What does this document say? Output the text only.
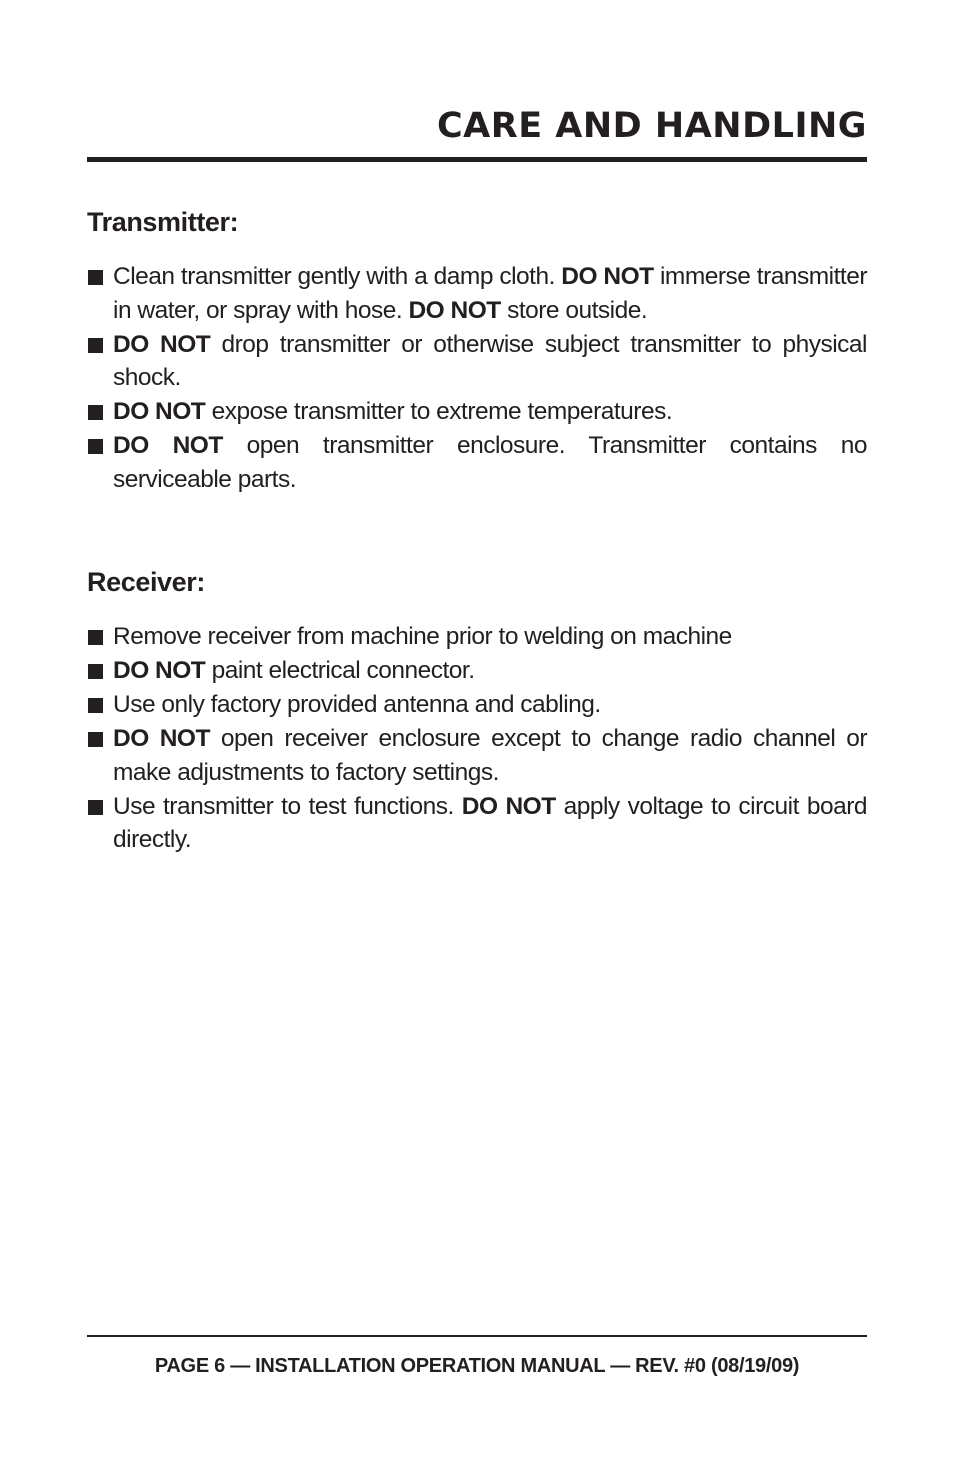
CARE AND HANDLING
Transmitter:
Clean transmitter gently with a damp cloth. DO NOT immerse transmitter in water, or spray with hose. DO NOT store outside.
DO NOT drop transmitter or otherwise subject transmitter to physical shock.
DO NOT expose transmitter to extreme temperatures.
DO NOT open transmitter enclosure. Transmitter contains no serviceable parts.
Receiver:
Remove receiver from machine prior to welding on machine
DO NOT paint electrical connector.
Use only factory provided antenna and cabling.
DO NOT open receiver enclosure except to change radio channel or make adjustments to factory settings.
Use transmitter to test functions. DO NOT apply voltage to circuit board directly.
PAGE 6 — INSTALLATION OPERATION MANUAL — REV. #0 (08/19/09)
